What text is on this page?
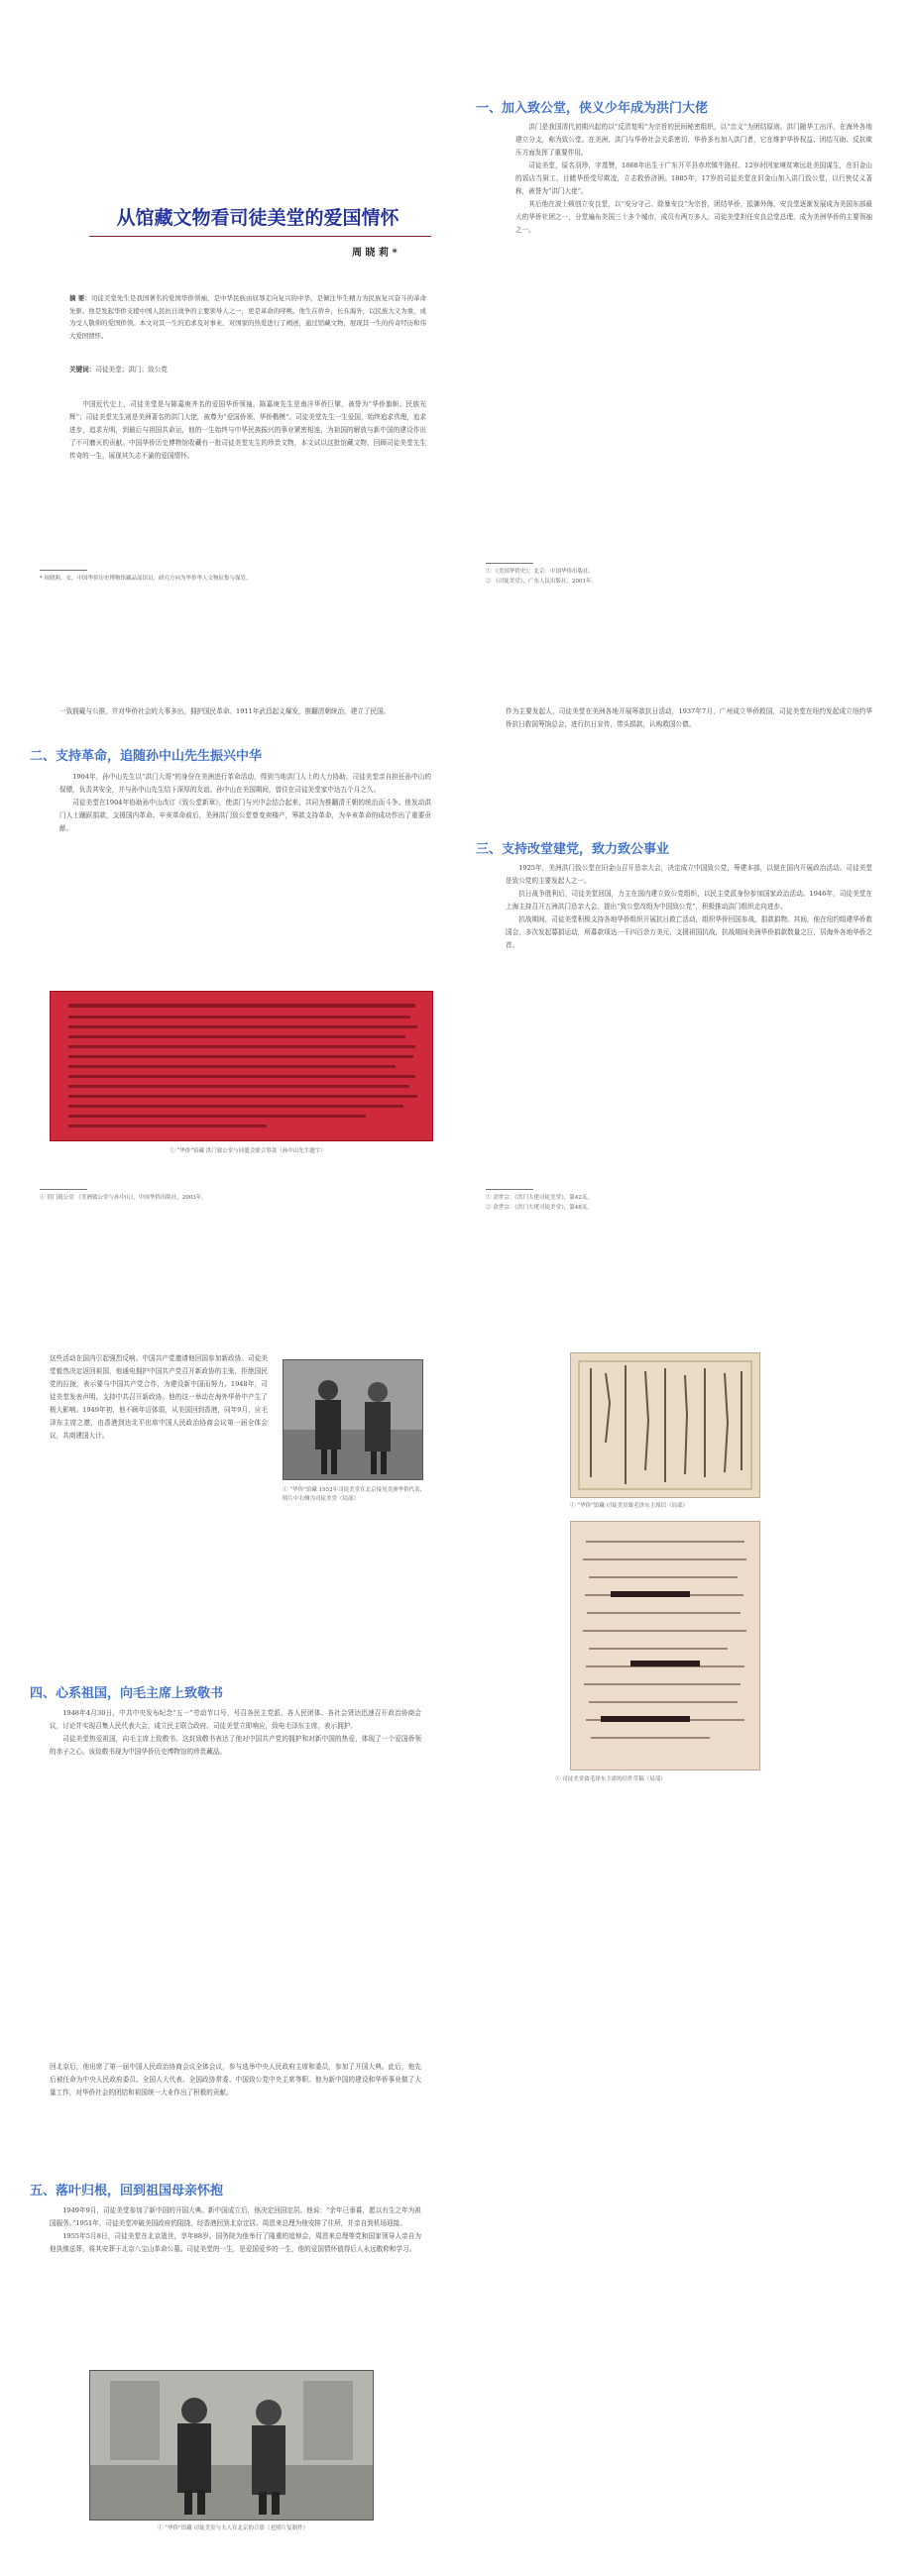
从馆藏文物看司徒美堂的爱国情怀
周 晓 莉 *
摘 要：司徒美堂先生是我国著名的爱国华侨领袖，是中华民族由屈辱走向复兴的中华，是倾注毕生精力为民族复兴奋斗的革命先驱。他是发起华侨支援中国人民抗日战争的主要领导人之一，更是革命的呼唤。他生在侨乡，长在海外，以民族大义为重，成为受人敬仰的爱国侨领。本文对其一生的追求及对事业、对国家的热爱进行了阐述，通过馆藏文物，展现其一生的传奇经历和伟大爱国情怀。
关键词：司徒美堂；洪门；致公党

中国近代史上，司徒美堂是与陈嘉庚齐名的爱国华侨领袖。陈嘉庚先生是南洋华侨巨擘，被誉为“华侨旗帜、民族光辉”；司徒美堂先生则是美洲著名的洪门大佬，被尊为“爱国侨领、华侨楷模”。司徒美堂先生一生爱国，始终追求真理，追求进步，追求光明，到最后与祖国共命运，他的一生始终与中华民族振兴的事业紧密相连，为祖国的解放与新中国的建设作出了不可磨灭的贡献。中国华侨历史博物馆收藏有一批司徒美堂先生的珍贵文物，本文试以这批馆藏文物，回顾司徒美堂先生传奇的一生，展现其矢志不渝的爱国情怀。

* 周晓莉，女，中国华侨历史博物馆藏品部馆员，研究方向为华侨华人文物征集与保管。
一、加入致公堂，侠义少年成为洪门大佬

洪门是我国清代初期兴起的以“反清复明”为宗旨的民间秘密组织，以“忠义”为团结原则。洪门随华工出洋，在海外各地建立分支，称为致公堂。在美洲，洪门与华侨社会关系密切，华侨多有加入洪门者，它在维护华侨权益、团结互助、反抗欺压方面发挥了重要作用。

司徒美堂，原名羽珍，字基赞，1868年出生于广东开平县赤坎镇牛路村。12岁时因家境贫寒远赴美国谋生，在旧金山的饭店当厨工，目睹华侨受尽欺凌，立志救侨济困。1885年，17岁的司徒美堂在旧金山加入洪门致公堂，以行侠仗义著称，被誉为“洪门大佬”。

其后他在波士顿创立安良堂，以“安分守己、除暴安良”为宗旨，团结华侨，抵御外侮，安良堂逐渐发展成为美国东部最大的华侨社团之一，分堂遍布美国三十多个城市，成员有两万多人。司徒美堂担任安良总堂总理，成为美洲华侨的主要领袖之一。

① 《美国华侨史》，北京：中国华侨出版社。
② 《司徒美堂》，广东人民出版社，2001年。
一致拥戴与公推，并对华侨社会的大事多出，拥护国民革命。1911年武昌起义爆发，推翻清朝统治，建立了民国。
二、支持革命，追随孙中山先生振兴中华

1904年，孙中山先生以“洪门大哥”的身份在美洲进行革命活动，得到当地洪门人士的大力协助，司徒美堂亲自担任孙中山的保镖，负责其安全，并与孙中山先生结下深厚的友谊。孙中山在美国期间，曾住在司徒美堂家中达五个月之久。

司徒美堂在1904年协助孙中山改订《致公堂新章》，使洪门与兴中会结合起来，共同为推翻清王朝的统治而斗争。他发动洪门人士踊跃捐款，支援国内革命。辛亥革命前后，美洲洪门致公堂曾变卖楼产，筹款支持革命，为辛亥革命的成功作出了重要贡献。

① “华侨”馆藏 洪门致公堂与同盟会联合筹款（孙中山先生题字）
① 洪门致公堂 《美洲致公堂与孙中山》，中国华侨出版社，2003年。
作为主要发起人，司徒美堂在美洲各地开展筹款抗日活动，1937年7月，广州成立华侨救国，司徒美堂在纽约发起成立纽约华侨抗日救国筹饷总会，进行抗日宣传，带头捐款，认购救国公债。
三、支持改堂建党，致力致公事业

1925年，美洲洪门致公堂在旧金山召开恳亲大会，决定成立中国致公党，筹建本部，以便在国内开展政治活动。司徒美堂是致公党的主要发起人之一。

抗日战争胜利后，司徒美堂回国，力主在国内建立致公党组织，以民主党派身份参加国家政治活动。1946年，司徒美堂在上海主持召开五洲洪门恳亲大会，提出“致公堂改组为中国致公党”，积极推动洪门组织走向进步。

抗战期间，司徒美堂积极支持各地华侨组织开展抗日救亡活动，组织华侨回国参战，捐款捐物。其间，他在纽约组建华侨救国会，多次发起募捐运动，所募款项达一千四百余万美元，支援祖国抗战，抗战期间美洲华侨捐款数量之巨，居海外各地华侨之首。

① 余世宗：《洪门大佬司徒美堂》，第42页。
② 余世宗：《洪门大佬司徒美堂》，第48页。
这些活动在国内引起强烈反响。中国共产党邀请他回国参加新政协。司徒美堂毅然决定返回祖国，他通电拥护中国共产党召开新政协的主张，拒绝国民党的拉拢，表示要与中国共产党合作，为建设新中国而努力。1948年，司徒美堂发表声明，支持中共召开新政协。他的这一举动在海外华侨中产生了极大影响。1949年初，他不顾年迈体弱，从美国回到香港，同年9月，应毛泽东主席之邀，由香港到达北平出席中国人民政治协商会议第一届全体会议，共商建国大计。
① “华侨”馆藏 1952年司徒美堂在北京接见美洲华侨代表，照片中右侧为司徒美堂（局部）
四、心系祖国，向毛主席上致敬书

1948年4月30日，中共中央发布纪念“五一”劳动节口号，号召各民主党派、各人民团体、各社会贤达迅速召开政治协商会议，讨论并实现召集人民代表大会，成立民主联合政府。司徒美堂立即响应，致电毛泽东主席，表示拥护。

司徒美堂热爱祖国，向毛主席上致敬书。这封致敬书表达了他对中国共产党的拥护和对新中国的热爱，体现了一个爱国侨领的赤子之心。该致敬书现为中国华侨历史博物馆的珍贵藏品。

① “华侨”馆藏 司徒美堂致毛泽东主席信（局部）
① 司徒美堂致毛泽东主席的信件草稿（局部）
回北京后，他出席了第一届中国人民政治协商会议全体会议，参与选举中央人民政府主席和委员，参加了开国大典。此后，他先后被任命为中央人民政府委员、全国人大代表、全国政协常委、中国致公党中央主席等职。他为新中国的建设和华侨事业做了大量工作，对华侨社会的团结和祖国统一大业作出了积极的贡献。
五、落叶归根，回到祖国母亲怀抱

1949年9月，司徒美堂参加了新中国的开国大典。新中国成立后，他决定回国定居。他说：“余年已垂暮，愿以有生之年为祖国服务。”1951年，司徒美堂冲破美国政府的阻挠，经香港回到北京定居。周恩来总理为他安排了住所，并亲自到机场迎接。

1955年5月8日，司徒美堂在北京逝世，享年88岁。国务院为他举行了隆重的追悼会，周恩来总理等党和国家领导人亲自为他执绋送葬，将其安葬于北京八宝山革命公墓。司徒美堂的一生，是爱国爱乡的一生，他的爱国情怀值得后人永远敬仰和学习。

① “华侨”馆藏 司徒美堂与夫人在北京的合影（老照片复制件）
